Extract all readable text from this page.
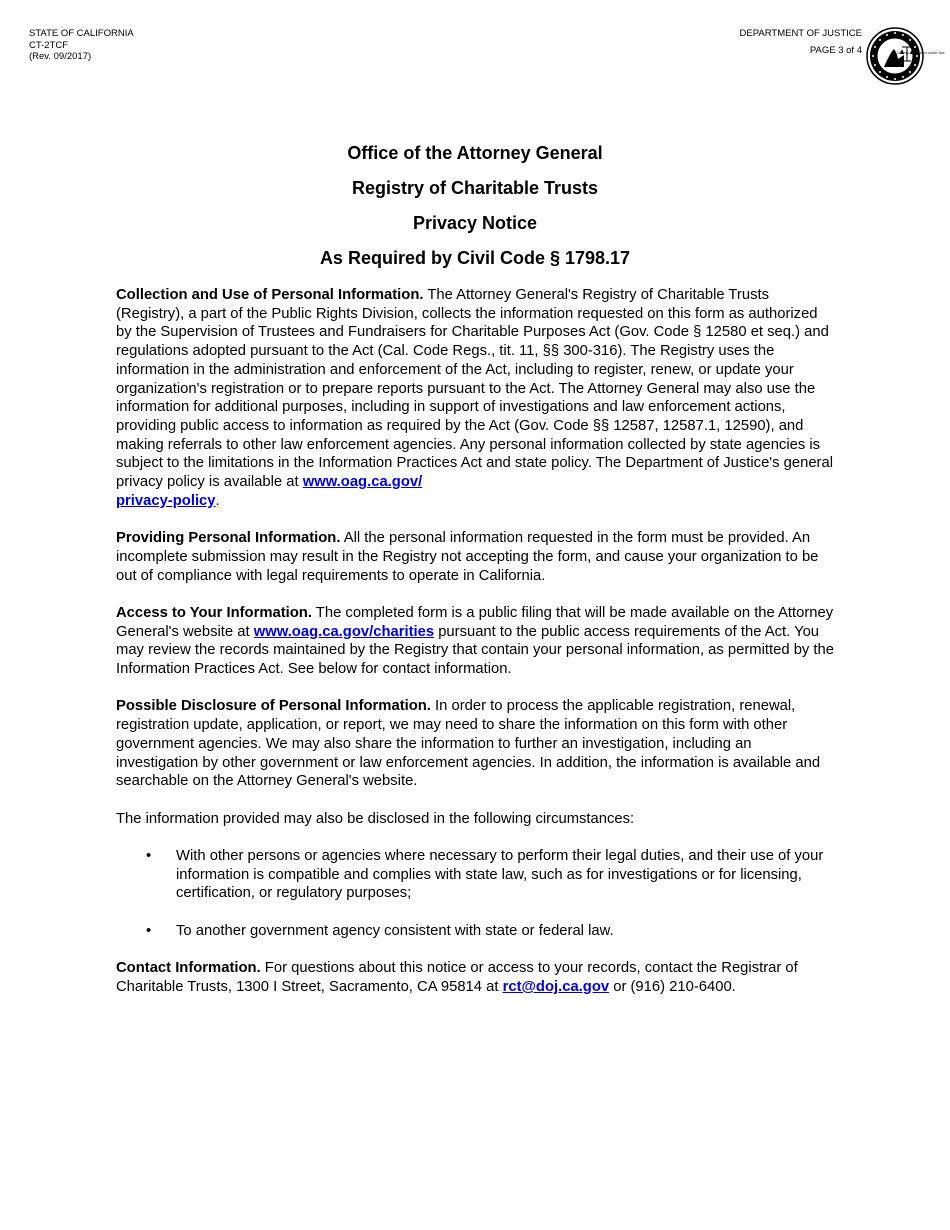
STATE OF CALIFORNIA
CT-2TCF
(Rev. 09/2017)
DEPARTMENT OF JUSTICE
PAGE 3 of 4	Liberty and justice under law
Office of the Attorney General
Registry of Charitable Trusts
Privacy Notice
As Required by Civil Code § 1798.17

Collection and Use of Personal Information. The Attorney General's Registry of Charitable Trusts (Registry), a part of the Public Rights Division, collects the information requested on this form as authorized by the Supervision of Trustees and Fundraisers for Charitable Purposes Act (Gov. Code § 12580 et seq.) and regulations adopted pursuant to the Act (Cal. Code Regs., tit. 11, §§ 300-316). The Registry uses the information in the administration and enforcement of the Act, including to register, renew, or update your organization's registration or to prepare reports pursuant to the Act. The Attorney General may also use the information for additional purposes, including in support of investigations and law enforcement actions, providing public access to information as required by the Act (Gov. Code §§ 12587, 12587.1, 12590), and making referrals to other law enforcement agencies. Any personal information collected by state agencies is subject to the limitations in the Information Practices Act and state policy. The Department of Justice's general privacy policy is available at www.oag.ca.gov/
privacy-policy.

Providing Personal Information. All the personal information requested in the form must be provided. An incomplete submission may result in the Registry not accepting the form, and cause your organization to be out of compliance with legal requirements to operate in California.

Access to Your Information. The completed form is a public filing that will be made available on the Attorney General's website at www.oag.ca.gov/charities pursuant to the public access requirements of the Act. You may review the records maintained by the Registry that contain your personal information, as permitted by the Information Practices Act. See below for contact information.

Possible Disclosure of Personal Information. In order to process the applicable registration, renewal, registration update, application, or report, we may need to share the information on this form with other government agencies. We may also share the information to further an investigation, including an investigation by other government or law enforcement agencies. In addition, the information is available and searchable on the Attorney General's website.

The information provided may also be disclosed in the following circumstances:

• With other persons or agencies where necessary to perform their legal duties, and their use of your information is compatible and complies with state law, such as for investigations or for licensing, certification, or regulatory purposes;
• To another government agency consistent with state or federal law.

Contact Information. For questions about this notice or access to your records, contact the Registrar of Charitable Trusts, 1300 I Street, Sacramento, CA 95814 at rct@doj.ca.gov or (916) 210-6400.
